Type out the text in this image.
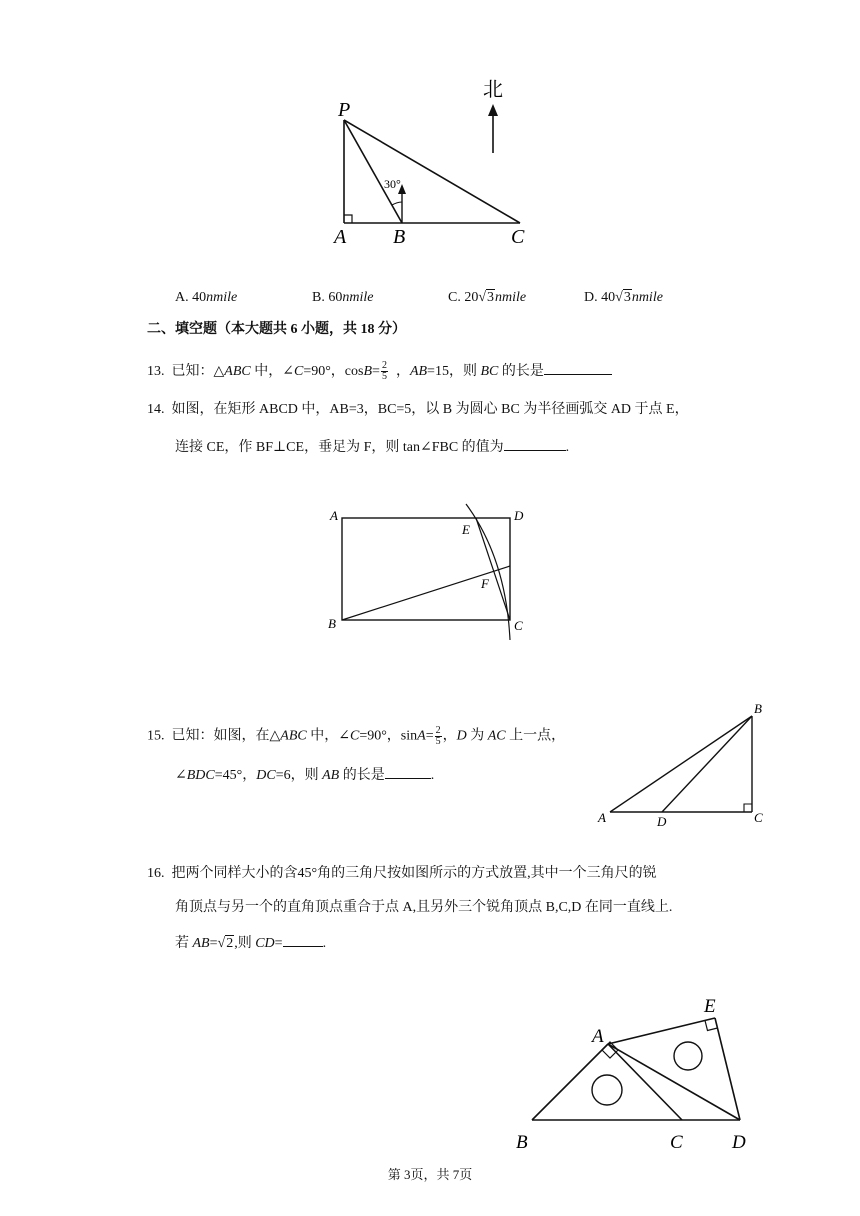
30°
北
P
A B	C
A. 40nmile	B. 60nmile	C. 20√3nmile	D. 40√3nmile
二、填空题（本大题共 6 小题，共 18 分）
13. 已知：△ABC 中，∠C=90°，$\cos B= \frac{2}{5}$ ，AB=15，则 BC 的长是
14. 如图，在矩形 ABCD 中，AB=3，BC=5，以 B 为圆心 BC 为半径画弧交 AD 于点 E，
连接 CE，作 BF⊥CE，垂足为 F，则 tan∠FBC 的值为	.
A	D
E
F
B	C
15. 已知：如图，在△ABC 中，∠C=90°，$\sin A= \frac{2}{5}$ ，D 为 AC 上一点，
∠BDC=45°，DC=6，则 AB 的长是	.
B
A	D	C
16. 把两个同样大小的含45°角的三角尺按如图所示的方式放置,其中一个三角尺的锐
角顶点与另一个的直角顶点重合于点 A,且另外三个锐角顶点 B,C,D 在同一直线上.
若 AB=√2,则 CD=	.
A
E
B	C	D
第 3页，共 7页
